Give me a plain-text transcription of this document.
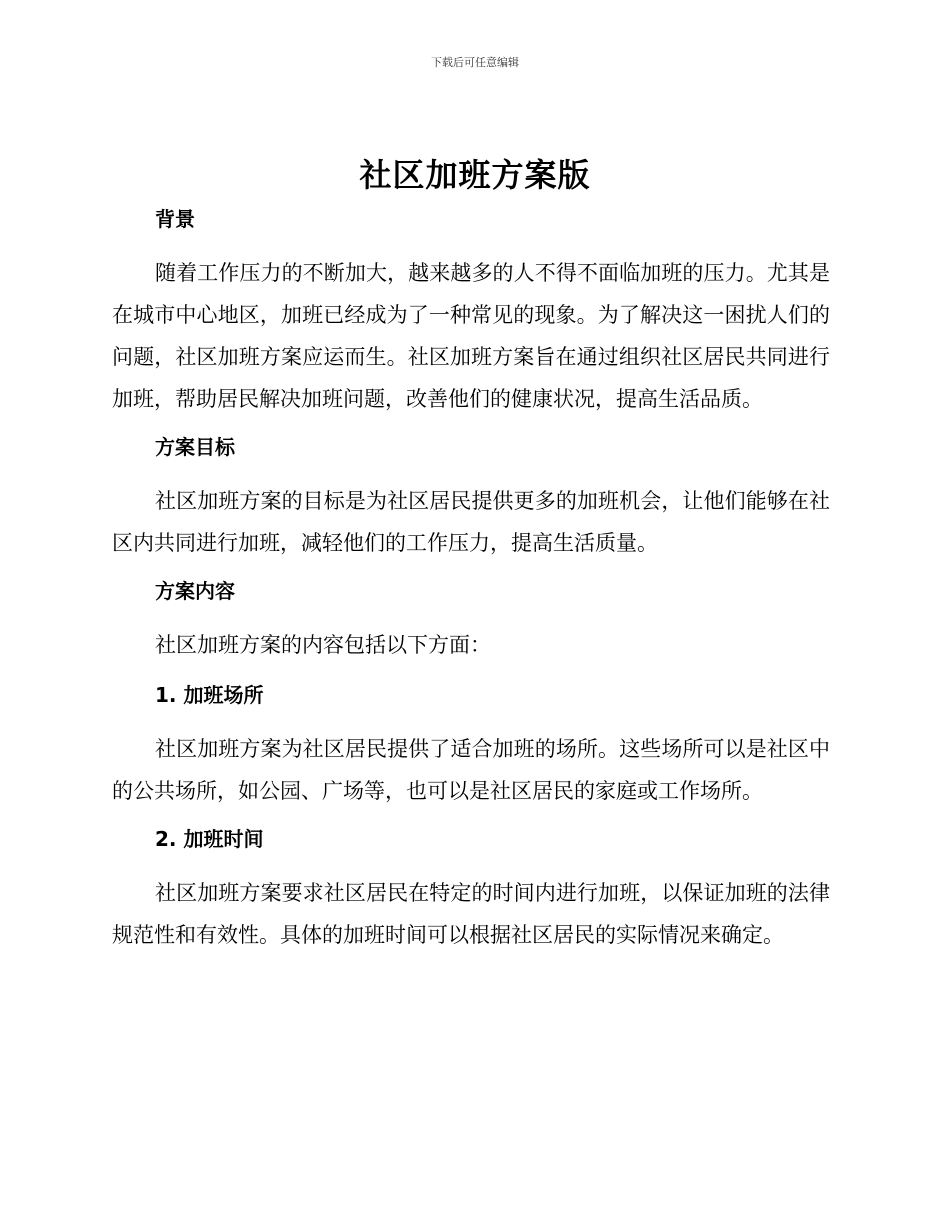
下载后可任意编辑
社区加班方案版
背景

随着工作压力的不断加大，越来越多的人不得不面临加班的压力。尤其是在城市中心地区，加班已经成为了一种常见的现象。为了解决这一困扰人们的问题，社区加班方案应运而生。社区加班方案旨在通过组织社区居民共同进行加班，帮助居民解决加班问题，改善他们的健康状况，提高生活品质。

方案目标

社区加班方案的目标是为社区居民提供更多的加班机会，让他们能够在社区内共同进行加班，减轻他们的工作压力，提高生活质量。

方案内容

社区加班方案的内容包括以下方面：

1. 加班场所

社区加班方案为社区居民提供了适合加班的场所。这些场所可以是社区中的公共场所，如公园、广场等，也可以是社区居民的家庭或工作场所。

2. 加班时间

社区加班方案要求社区居民在特定的时间内进行加班，以保证加班的法律规范性和有效性。具体的加班时间可以根据社区居民的实际情况来确定。
